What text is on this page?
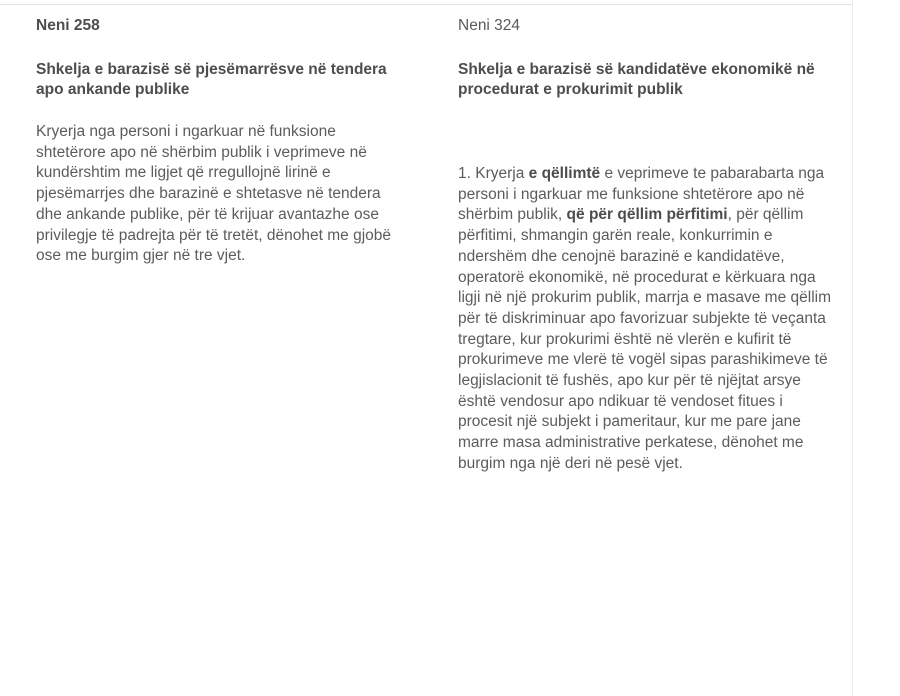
Neni 258

Shkelja e barazisë së pjesëmarrësve në tendera apo ankande publike

Kryerja nga personi i ngarkuar në funksione shtetërore apo në shërbim publik i veprimeve në kundërshtim me ligjet që rregullojnë lirinë e pjesëmarrjes dhe barazinë e shtetasve në tendera dhe ankande publike, për të krijuar avantazhe ose privilegje të padrejta për të tretët, dënohet me gjobë ose me burgim gjer në tre vjet.

Neni 324

Shkelja e barazisë së kandidatëve ekonomikë në procedurat e prokurimit publik

1. Kryerja e qëllimtë e veprimeve te pabarabarta nga personi i ngarkuar me funksione shtetërore apo në shërbim publik, që për qëllim përfitimi, për qëllim përfitimi, shmangin garën reale, konkurrimin e ndershëm dhe cenojnë barazinë e kandidatëve, operatorë ekonomikë, në procedurat e kërkuara nga ligji në një prokurim publik, marrja e masave me qëllim për të diskriminuar apo favorizuar subjekte të veçanta tregtare, kur prokurimi është në vlerën e kufirit të prokurimeve me vlerë të vogël sipas parashikimeve të legjislacionit të fushës, apo kur për të njëjtat arsye është vendosur apo ndikuar të vendoset fitues i procesit një subjekt i pameritaur, kur me pare jane marre masa administrative perkatese, dënohet me burgim nga një deri në pesë vjet.
